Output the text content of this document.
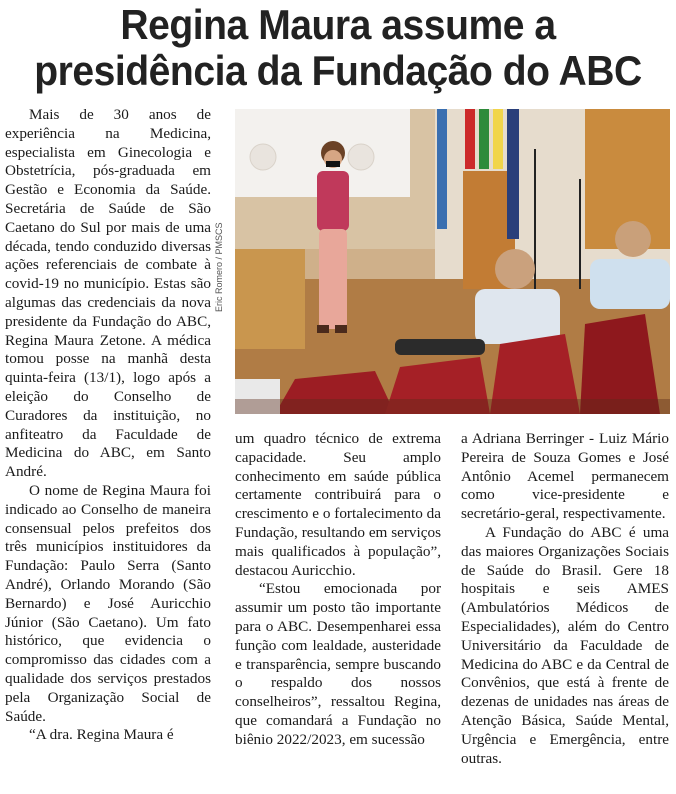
Regina Maura assume a
presidência da Fundação do ABC
Eric Romero / PMSCS

Mais de 30 anos de experiência na Medicina, especialista em Ginecologia e Obstetrícia, pós-graduada em Gestão e Economia da Saúde. Secretária de Saúde de São Caetano do Sul por mais de uma década, tendo conduzido diversas ações referenciais de combate à covid-19 no município. Estas são algumas das credenciais da nova presidente da Fundação do ABC, Regina Maura Zetone. A médica tomou posse na manhã desta quinta-feira (13/1), logo após a eleição do Conselho de Curadores da instituição, no anfiteatro da Faculdade de Medicina do ABC, em Santo André.

O nome de Regina Maura foi indicado ao Conselho de maneira consensual pelos prefeitos dos três municípios instituidores da Fundação: Paulo Serra (Santo André), Orlando Morando (São Bernardo) e José Auricchio Júnior (São Caetano). Um fato histórico, que evidencia o compromisso das cidades com a qualidade dos serviços prestados pela Organização Social de Saúde.

“A dra. Regina Maura é

um quadro técnico de extrema capacidade. Seu amplo conhecimento em saúde pública certamente contribuirá para o crescimento e o fortalecimento da Fundação, resultando em serviços mais qualificados à população”, destacou Auricchio.

“Estou emocionada por assumir um posto tão importante para o ABC. Desempenharei essa função com lealdade, austeridade e transparência, sempre buscando o respaldo dos nossos conselheiros”, ressaltou Regina, que comandará a Fundação no biênio 2022/2023, em sucessão

a Adriana Berringer - Luiz Mário Pereira de Souza Gomes e José Antônio Acemel permanecem como vice-presidente e secretário-geral, respectivamente.

A Fundação do ABC é uma das maiores Organizações Sociais de Saúde do Brasil. Gere 18 hospitais e seis AMES (Ambulatórios Médicos de Especialidades), além do Centro Universitário da Faculdade de Medicina do ABC e da Central de Convênios, que está à frente de dezenas de unidades nas áreas de Atenção Básica, Saúde Mental, Urgência e Emergência, entre outras.
